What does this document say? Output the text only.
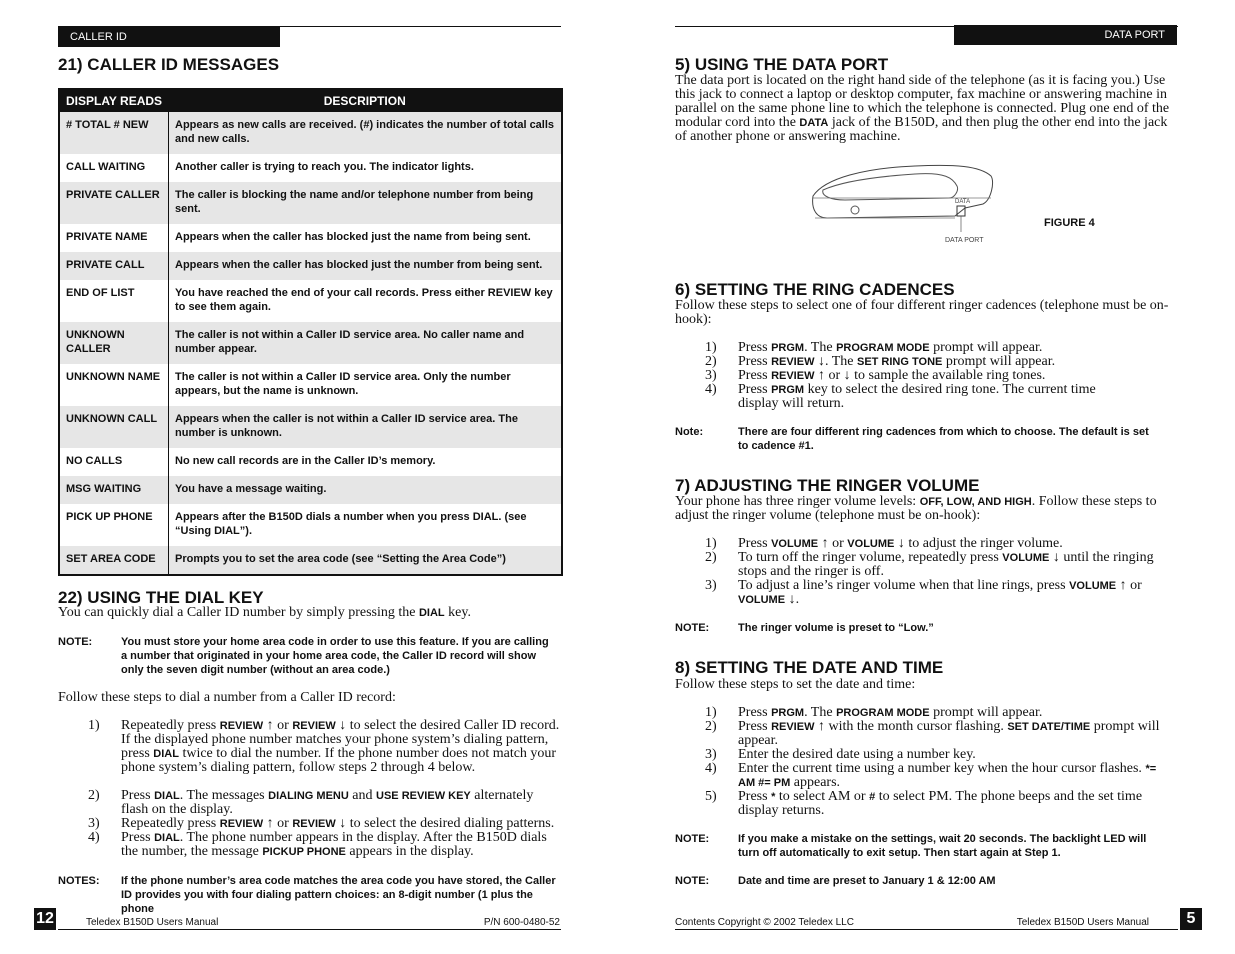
CALLER ID
21) CALLER ID MESSAGES
DISPLAY READS	DESCRIPTION
# TOTAL # NEW	Appears as new calls are received. (#) indicates the number of total calls and new calls.
CALL WAITING	Another caller is trying to reach you. The indicator lights.
PRIVATE CALLER	The caller is blocking the name and/or telephone number from being sent.
PRIVATE NAME	Appears when the caller has blocked just the name from being sent.
PRIVATE CALL	Appears when the caller has blocked just the number from being sent.
END OF LIST	You have reached the end of your call records. Press either REVIEW key to see them again.
UNKNOWN CALLER	The caller is not within a Caller ID service area. No caller name and number appear.
UNKNOWN NAME	The caller is not within a Caller ID service area. Only the number appears, but the name is unknown.
UNKNOWN CALL	Appears when the caller is not within a Caller ID service area. The number is unknown.
NO CALLS	No new call records are in the Caller ID’s memory.
MSG WAITING	You have a message waiting.
PICK UP PHONE	Appears after the B150D dials a number when you press DIAL. (see “Using DIAL”).
SET AREA CODE	Prompts you to set the area code (see “Setting the Area Code”)
22) USING THE DIAL KEY

You can quickly dial a Caller ID number by simply pressing the DIAL key.

NOTE:	You must store your home area code in order to use this feature. If you are calling a number that originated in your home area code, the Caller ID record will show only the seven digit number (without an area code.)

Follow these steps to dial a number from a Caller ID record:

1) Repeatedly press REVIEW ↑ or REVIEW ↓ to select the desired Caller ID record. If the displayed phone number matches your phone system’s dialing pattern, press DIAL twice to dial the number. If the phone number does not match your phone system’s dialing pattern, follow steps 2 through 4 below.
2) Press DIAL. The messages DIALING MENU and USE REVIEW KEY alternately flash on the display.
3) Repeatedly press REVIEW ↑ or REVIEW ↓ to select the desired dialing patterns.
4) Press DIAL. The phone number appears in the display. After the B150D dials the number, the message PICKUP PHONE appears in the display.
NOTES: If the phone number’s area code matches the area code you have stored, the Caller ID provides you with four dialing pattern choices: an 8-digit number (1 plus the phone
12	Teledex B150D Users Manual	P/N 600-0480-52
DATA PORT
5) USING THE DATA PORT

The data port is located on the right hand side of the telephone (as it is facing you.) Use this jack to connect a laptop or desktop computer, fax machine or answering machine in parallel on the same phone line to which the telephone is connected. Plug one end of the modular cord into the DATA jack of the B150D, and then plug the other end into the jack of another phone or answering machine.

DATA
DATA PORT
FIGURE 4
6) SETTING THE RING CADENCES

Follow these steps to select one of four different ringer cadences (telephone must be on-hook):

1) Press PRGM. The PROGRAM MODE prompt will appear.
2) Press REVIEW ↓. The SET RING TONE prompt will appear.
3) Press REVIEW ↑ or ↓ to sample the available ring tones.
4) Press PRGM key to select the desired ring tone. The current time display will return.
Note:	There are four different ring cadences from which to choose. The default is set to cadence #1.
7) ADJUSTING THE RINGER VOLUME

Your phone has three ringer volume levels: OFF, LOW, AND HIGH. Follow these steps to adjust the ringer volume (telephone must be on-hook):

1) Press VOLUME ↑ or VOLUME ↓ to adjust the ringer volume.
2) To turn off the ringer volume, repeatedly press VOLUME ↓ until the ringing stops and the ringer is off.
3) To adjust a line’s ringer volume when that line rings, press VOLUME ↑ or VOLUME ↓.
NOTE:	The ringer volume is preset to “Low.”
8) SETTING THE DATE AND TIME

Follow these steps to set the date and time:

1) Press PRGM. The PROGRAM MODE prompt will appear.
2) Press REVIEW ↑ with the month cursor flashing. SET DATE/TIME prompt will appear.
3) Enter the desired date using a number key.
4) Enter the current time using a number key when the hour cursor flashes. *= AM #= PM appears.
5) Press * to select AM or # to select PM. The phone beeps and the set time display returns.
NOTE:	If you make a mistake on the settings, wait 20 seconds. The backlight LED will turn off automatically to exit setup. Then start again at Step 1.
NOTE:	Date and time are preset to January 1 & 12:00 AM
Contents Copyright © 2002 Teledex LLC	Teledex B150D Users Manual	5
